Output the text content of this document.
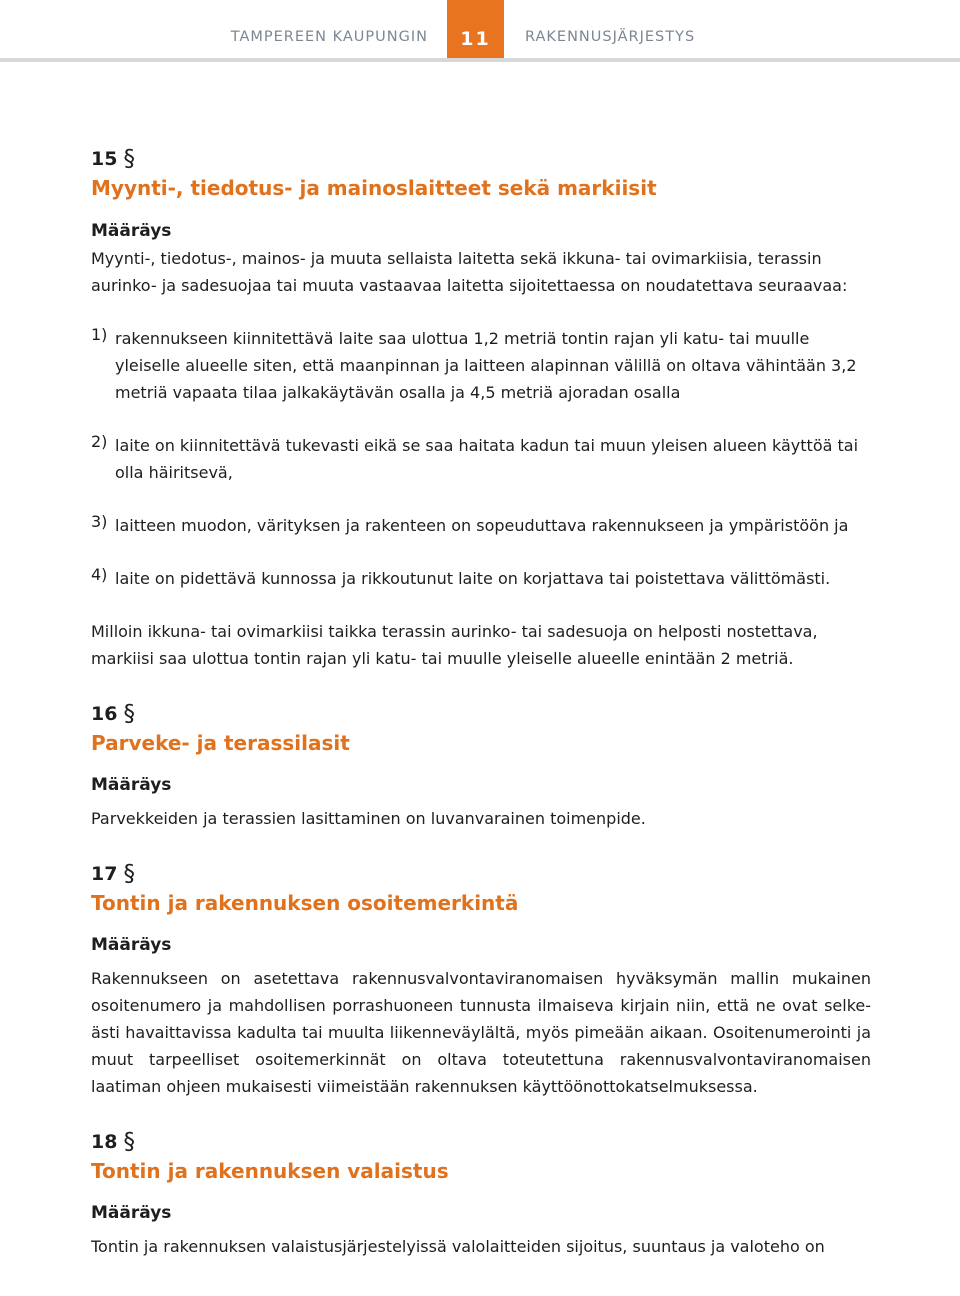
TAMPEREEN KAUPUNGIN	11	RAKENNUSJÄRJESTYS
15 §
Myynti-, tiedotus- ja mainoslaitteet sekä markiisit
Määräys

Myynti-, tiedotus-, mainos- ja muuta sellaista laitetta sekä ikkuna- tai ovimarkiisia, terassin aurinko- ja sadesuojaa tai muuta vastaavaa laitetta sijoitettaessa on noudatettava seuraavaa:

1) rakennukseen kiinnitettävä laite saa ulottua 1,2 metriä tontin rajan yli katu- tai muulle yleiselle alueelle siten, että maanpinnan ja laitteen alapinnan välillä on oltava vähintään 3,2 metriä vapaata tilaa jalkakäytävän osalla ja 4,5 metriä ajoradan osalla

2) laite on kiinnitettävä tukevasti eikä se saa haitata kadun tai muun yleisen alueen käyttöä tai olla häiritsevä,

3) laitteen muodon, värityksen ja rakenteen on sopeuduttava rakennukseen ja ympäristöön ja

4) laite on pidettävä kunnossa ja rikkoutunut laite on korjattava tai poistettava välittömästi.

Milloin ikkuna- tai ovimarkiisi taikka terassin aurinko- tai sadesuoja on helposti nostettava, markiisi saa ulottua tontin rajan yli katu- tai muulle yleiselle alueelle enintään 2 metriä.

16 §
Parveke- ja terassilasit
Määräys

Parvekkeiden ja terassien lasittaminen on luvanvarainen toimenpide.

17 §
Tontin ja rakennuksen osoitemerkintä
Määräys

Rakennukseen on asetettava rakennusvalvontaviranomaisen hyväksymän mallin mukainen osoitenumero ja mahdollisen porrashuoneen tunnusta ilmaiseva kirjain niin, että ne ovat selke-ästi havaittavissa kadulta tai muulta liikenneväylältä, myös pimeään aikaan. Osoitenumerointi ja muut tarpeelliset osoitemerkinnät on oltava toteutettuna rakennusvalvontaviranomaisen laatiman ohjeen mukaisesti viimeistään rakennuksen käyttöönottokatselmuksessa.

18 §
Tontin ja rakennuksen valaistus
Määräys

Tontin ja rakennuksen valaistusjärjestelyissä valolaitteiden sijoitus, suuntaus ja valoteho on
